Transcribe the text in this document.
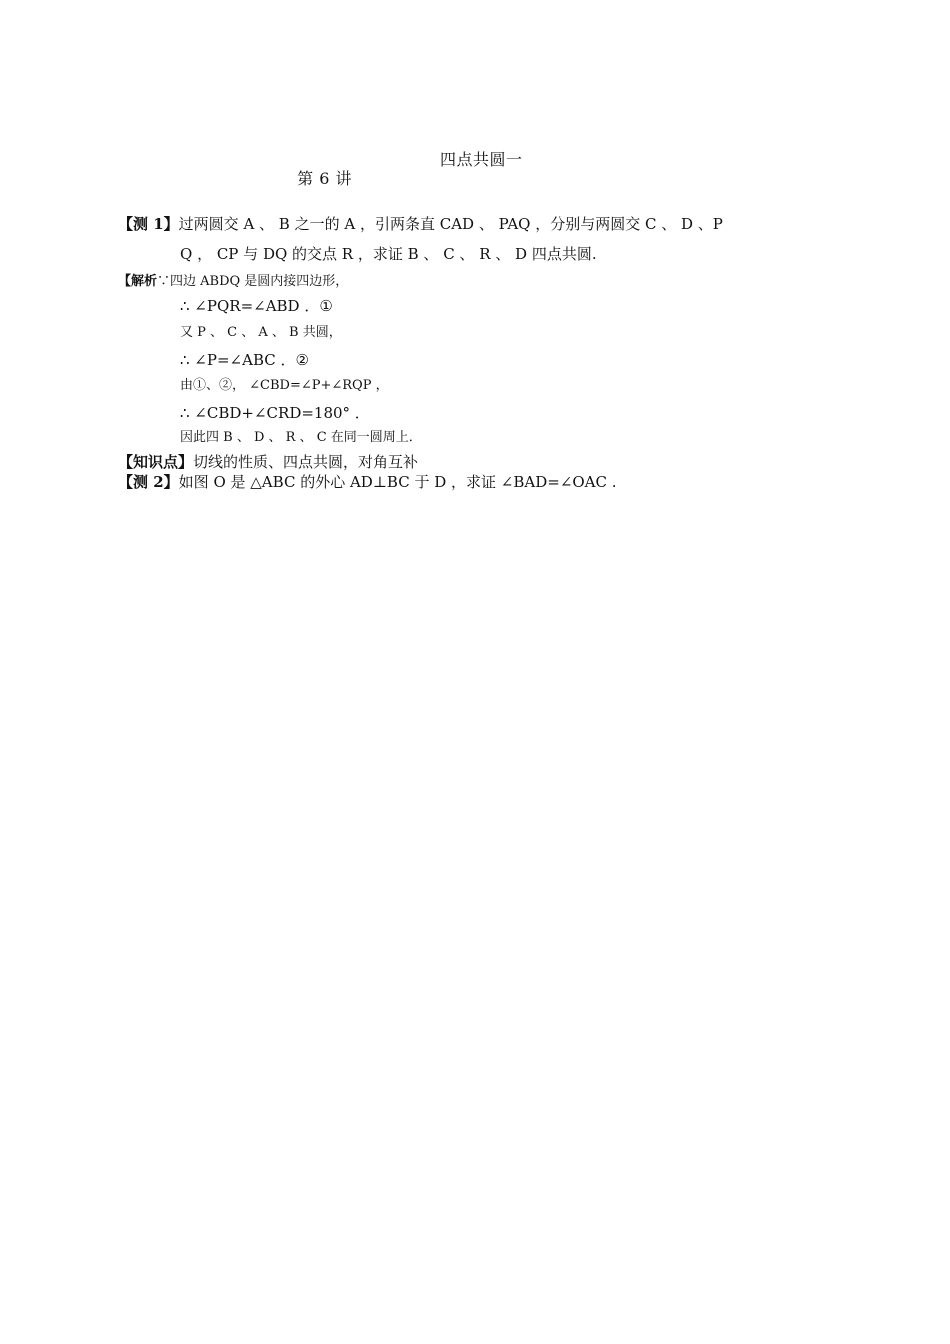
第 6 讲

四点共圆一

【测 1】过两圆交 A 、 B 之一的 A ，引两条直 CAD 、 PAQ ，分别与两圆交 C 、 D 、P
Q ， CP 与 DQ 的交点 R ，求证 B 、 C 、 R 、 D 四点共圆.
【解析∵四边 ABDQ 是圆内接四边形，
∴ ∠PQR=∠ABD ．①
又 P 、 C 、 A 、 B 共圆，
∴ ∠P=∠ABC ．②
由①、②， ∠CBD=∠P+∠RQP ，
∴ ∠CBD+∠CRD=180° ．
因此四 B 、 D 、 R 、 C 在同一圆周上．
【知识点】切线的性质、四点共圆，对角互补
【测 2】如图 O 是 △ABC 的外心 AD⊥BC 于 D ，求证 ∠BAD=∠OAC .
